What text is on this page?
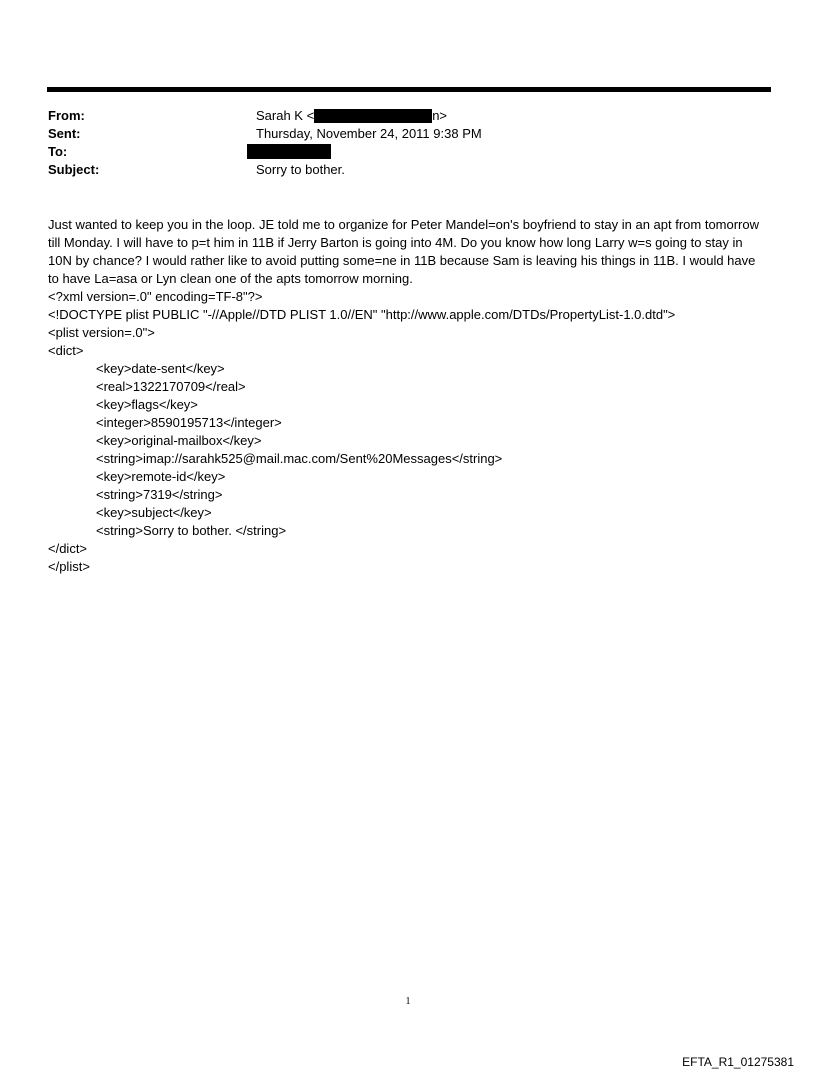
From:	Sarah K <	n>
Sent:	Thursday, November 24, 2011 9:38 PM
To:
Subject:	Sorry to bother.

Just wanted to keep you in the loop. JE told me to organize for Peter Mandel=on's boyfriend to stay in an apt from tomorrow till Monday. I will have to p=t him in 11B if Jerry Barton is going into 4M. Do you know how long Larry w=s going to stay in 10N by chance? I would rather like to avoid putting some=ne in 11B because Sam is leaving his things in 11B. I would have to have La=asa or Lyn clean one of the apts tomorrow morning.

<?xml version=.0" encoding=TF-8"?>
<!DOCTYPE plist PUBLIC "-//Apple//DTD PLIST 1.0//EN" "http://www.apple.com/DTDs/PropertyList-1.0.dtd">
<plist version=.0">
<dict>
<key>date-sent</key>
<real>1322170709</real>
<key>flags</key>
<integer>8590195713</integer>
<key>original-mailbox</key>
<string>imap://sarahk525@mail.mac.com/Sent%20Messages</string>
<key>remote-id</key>
<string>7319</string>
<key>subject</key>
<string>Sorry to bother. </string>
</dict>
</plist>
1
EFTA_R1_01275381
